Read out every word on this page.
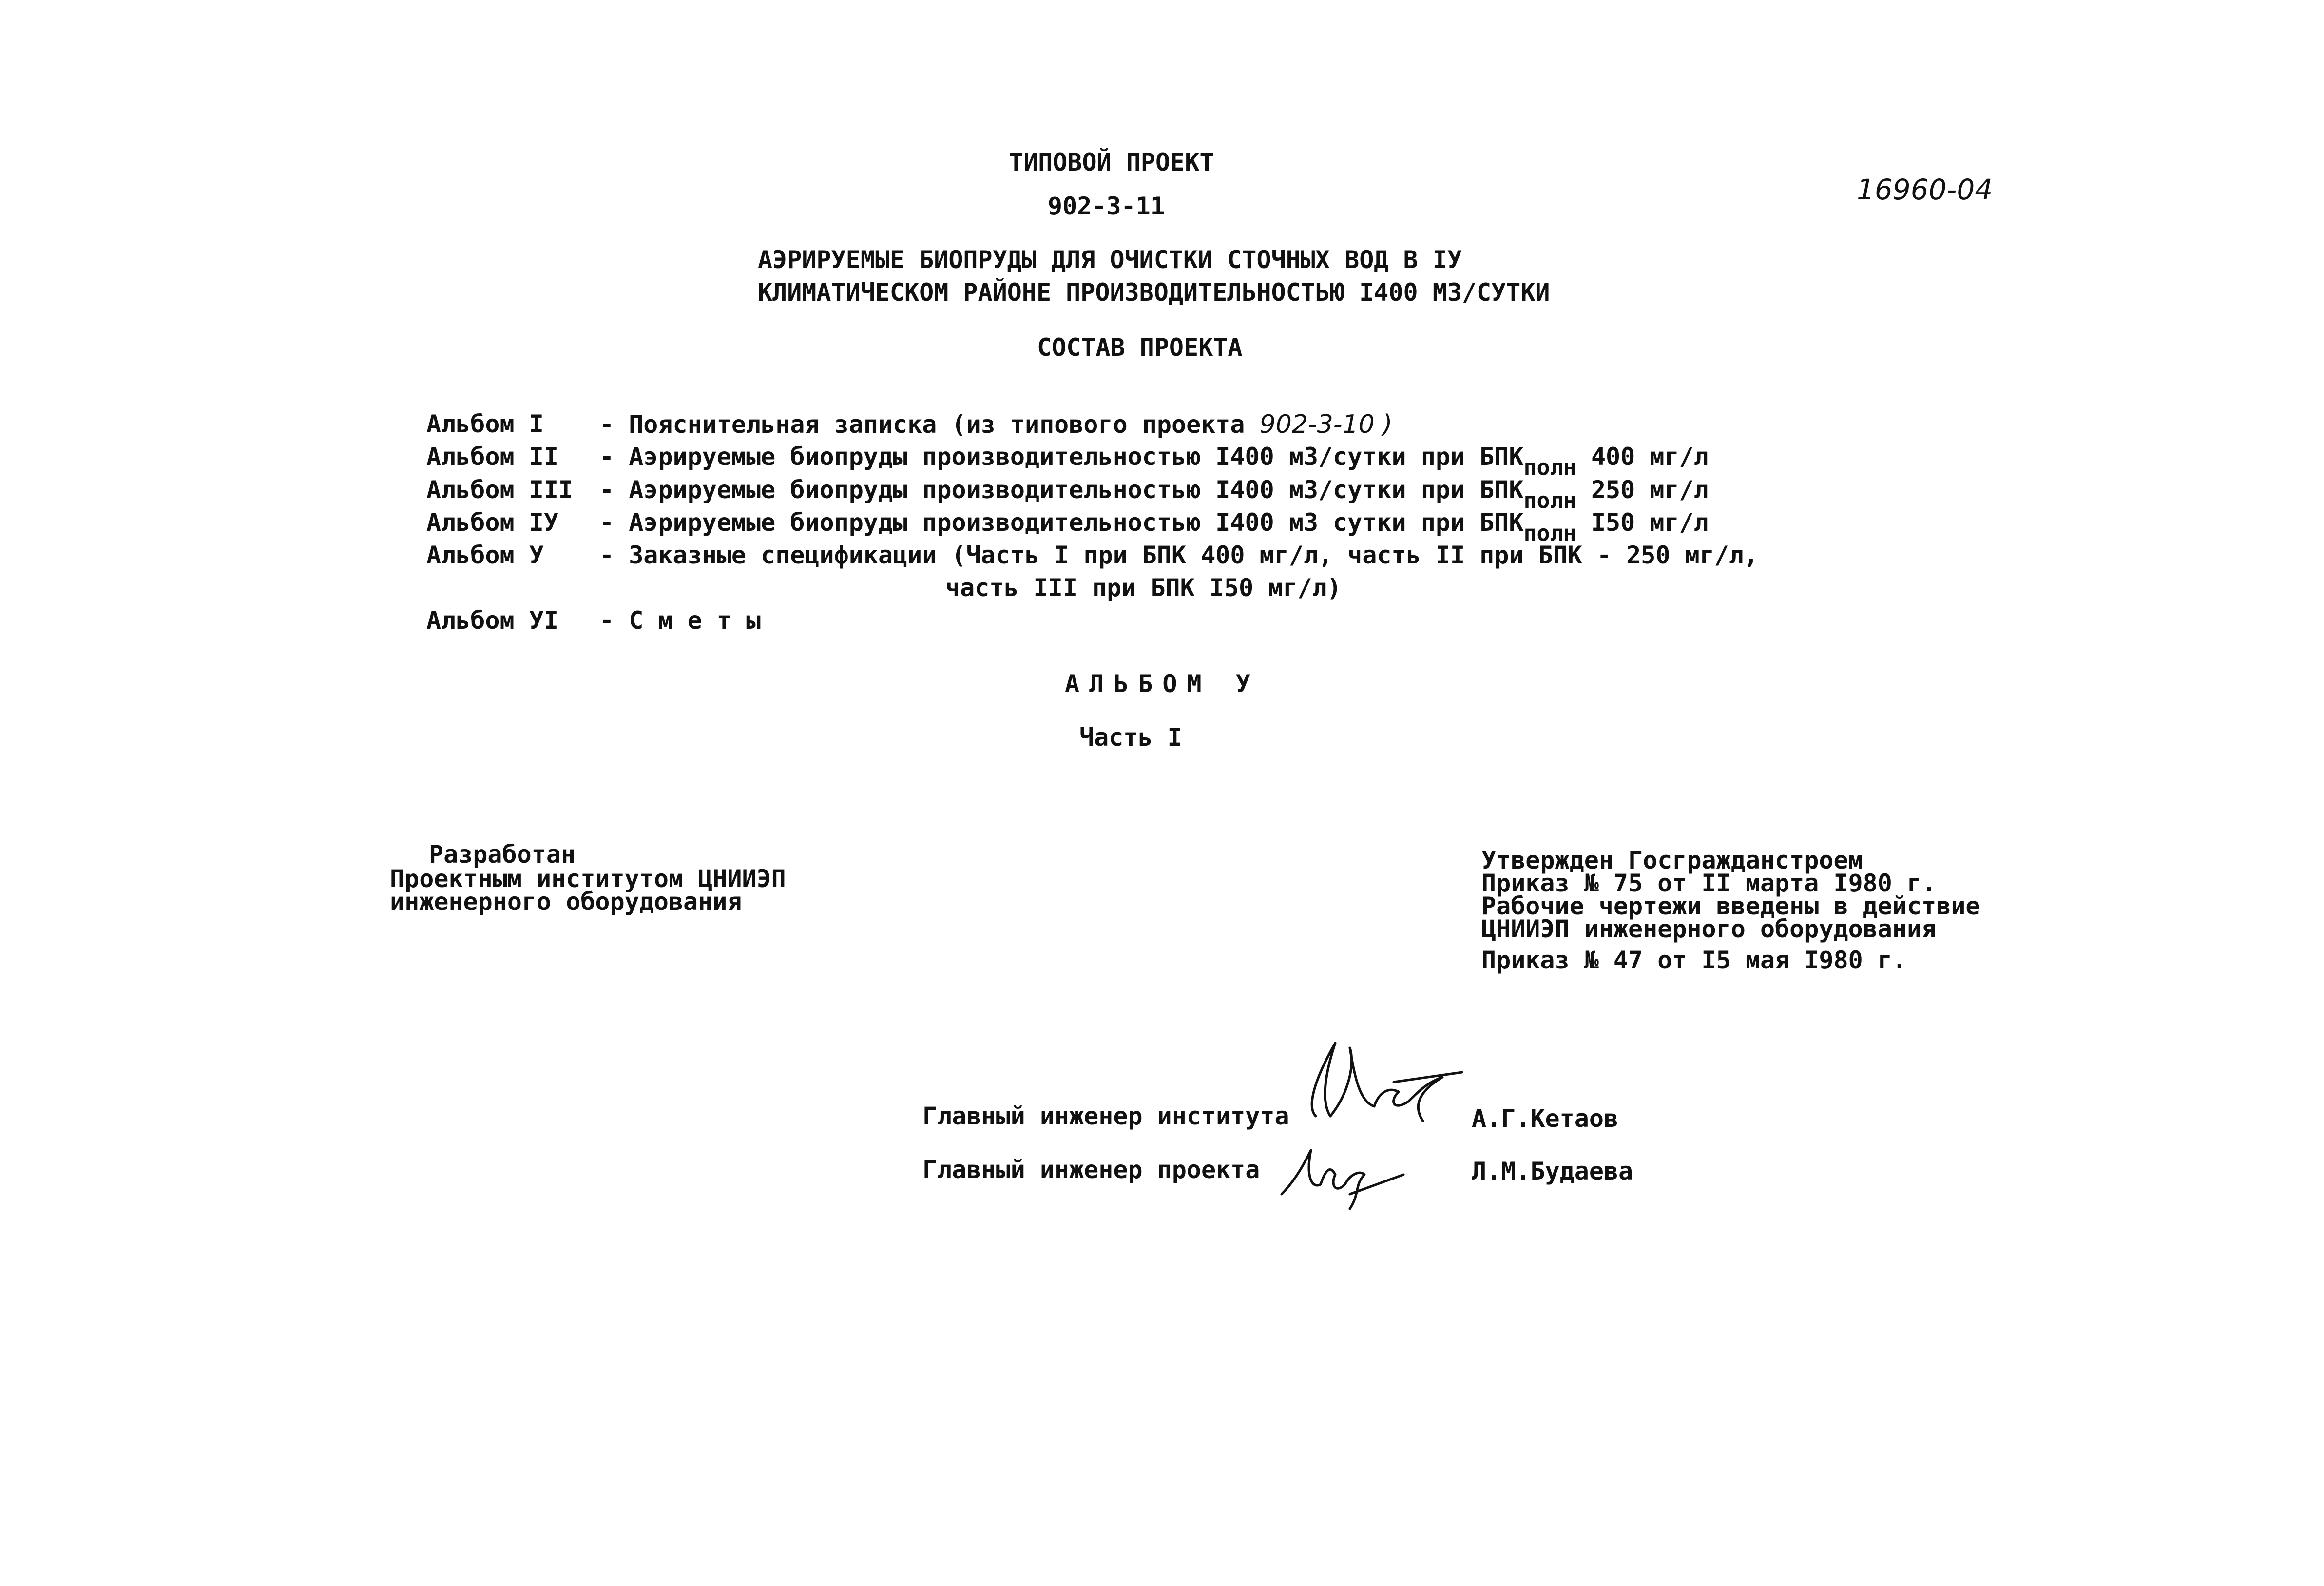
ТИПОВОЙ ПРОЕКТ
902-3-11	16960-04
АЭРИРУЕМЫЕ БИОПРУДЫ ДЛЯ ОЧИСТКИ СТОЧНЫХ ВОД В IУ
КЛИМАТИЧЕСКОМ РАЙОНЕ ПРОИЗВОДИТЕЛЬНОСТЬЮ I400 М3/СУТКИ
СОСТАВ ПРОЕКТА
Альбом I - Пояснительная записка (из типового проекта 902-3-10 )
Альбом II - Аэрируемые биопруды производительностью I400 м3/сутки при $БПК_{полн}$ 400 мг/л
Альбом III - Аэрируемые биопруды производительностью I400 м3/сутки при $БПК_{полн}$ 250 мг/л
Альбом IУ - Аэрируемые биопруды производительностью I400 м3 сутки при $БПК_{полн}$ I50 мг/л
Альбом У - Заказные спецификации (Часть I при БПК 400 мг/л, часть II при БПК - 250 мг/л,
часть III при БПК I50 мг/л)
Альбом УI - С м е т ы
АЛЬБОМ У
Часть I
Разработан
Проектным институтом ЦНИИЭП
инженерного оборудования
Утвержден Госгражданстроем
Приказ № 75 от II марта I980 г.
Рабочие чертежи введены в действие
ЦНИИЭП инженерного оборудования
Приказ № 47 от I5 мая I980 г.
Главный инженер института	А.Г.Кетаов
Главный инженер проекта	Л.М.Будаева
